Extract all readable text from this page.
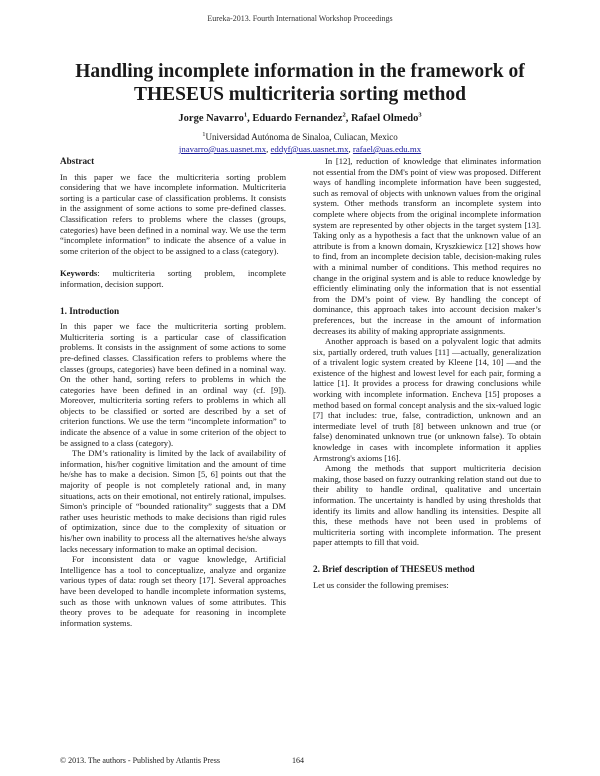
Eureka-2013. Fourth International Workshop Proceedings
Handling incomplete information in the framework of
THESEUS multicriteria sorting method
Jorge Navarro$^1$, Eduardo Fernandez$^2$, Rafael Olmedo$^3$
$^1$Universidad Autónoma de Sinaloa, Culiacan, Mexico
jnavarro@uas.uasnet.mx, eddyf@uas.uasnet.mx, rafael@uas.edu.mx

Abstract

In this paper we face the multicriteria sorting problem considering that we have incomplete information. Multicriteria sorting is a particular case of classification problems. It consists in the assignment of some actions to some pre-defined classes. Classification refers to problems where the classes (groups, categories) have been defined in a nominal way. We use the term “incomplete information” to indicate the absence of a value in some criterion of the object to be assigned to a class (category).

Keywords: multicriteria sorting problem, incomplete information, decision support.

1. Introduction

In this paper we face the multicriteria sorting problem. Multicriteria sorting is a particular case of classification problems. It consists in the assignment of some actions to some pre-defined classes. Classification refers to problems where the classes (groups, categories) have been defined in a nominal way. On the other hand, sorting refers to problems in which the categories have been defined in an ordinal way (cf. [9]). Moreover, multicriteria sorting refers to problems in which all objects to be classified or sorted are described by a set of criterion functions. We use the term “incomplete information” to indicate the absence of a value in some criterion of the object to be assigned to a class (category).

The DM’s rationality is limited by the lack of availability of information, his/her cognitive limitation and the amount of time he/she has to make a decision. Simon [5, 6] points out that the majority of people is not completely rational and, in many situations, acts on their emotional, not entirely rational, impulses. Simon's principle of “bounded rationality” suggests that a DM rather uses heuristic methods to make decisions than rigid rules of optimization, since due to the complexity of situation or his/her own inability to process all the alternatives he/she always lacks necessary information to make an optimal decision.

For inconsistent data or vague knowledge, Artificial Intelligence has a tool to conceptualize, analyze and organize various types of data: rough set theory [17]. Several approaches have been developed to handle incomplete information systems, such as those with unknown values of some attributes. This theory proves to be adequate for reasoning in incomplete information systems.

In [12], reduction of knowledge that eliminates information not essential from the DM's point of view was proposed. Different ways of handling incomplete information have been suggested, such as removal of objects with unknown values from the original system. Other methods transform an incomplete system into complete where objects from the original incomplete information system are represented by other objects in the target system [13]. Taking only as a hypothesis a fact that the unknown value of an attribute is from a known domain, Kryszkiewicz [12] shows how to find, from an incomplete decision table, decision-making rules with a minimal number of conditions. This method requires no change in the original system and is able to reduce knowledge by efficiently eliminating only the information that is not essential from the DM’s point of view. By handling the concept of dominance, this approach takes into account decision maker’s preferences, but the increase in the amount of information decreases its ability of making appropriate assignments.

Another approach is based on a polyvalent logic that admits six, partially ordered, truth values [11] —actually, generalization of a trivalent logic system created by Kleene [14, 10] —and the existence of the highest and lowest level for each pair, forming a lattice [1]. It provides a process for drawing conclusions while working with incomplete information. Encheva [15] proposes a method based on formal concept analysis and the six-valued logic [7] that includes: true, false, contradiction, unknown and an intermediate level of truth [8] between unknown and true (or false) denominated unknown true (or unknown false). To obtain knowledge in cases with incomplete information it applies Armstrong's axioms [16].

Among the methods that support multicriteria decision making, those based on fuzzy outranking relation stand out due to their ability to handle ordinal, qualitative and uncertain information. The uncertainty is handled by using thresholds that identify its limits and allow handling its intensities. Despite all this, these methods have not been used in problems of multicriteria sorting with incomplete information. The present paper attempts to fill that void.

2. Brief description of THESEUS method

Let us consider the following premises:

© 2013. The authors - Published by Atlantis Press	164
